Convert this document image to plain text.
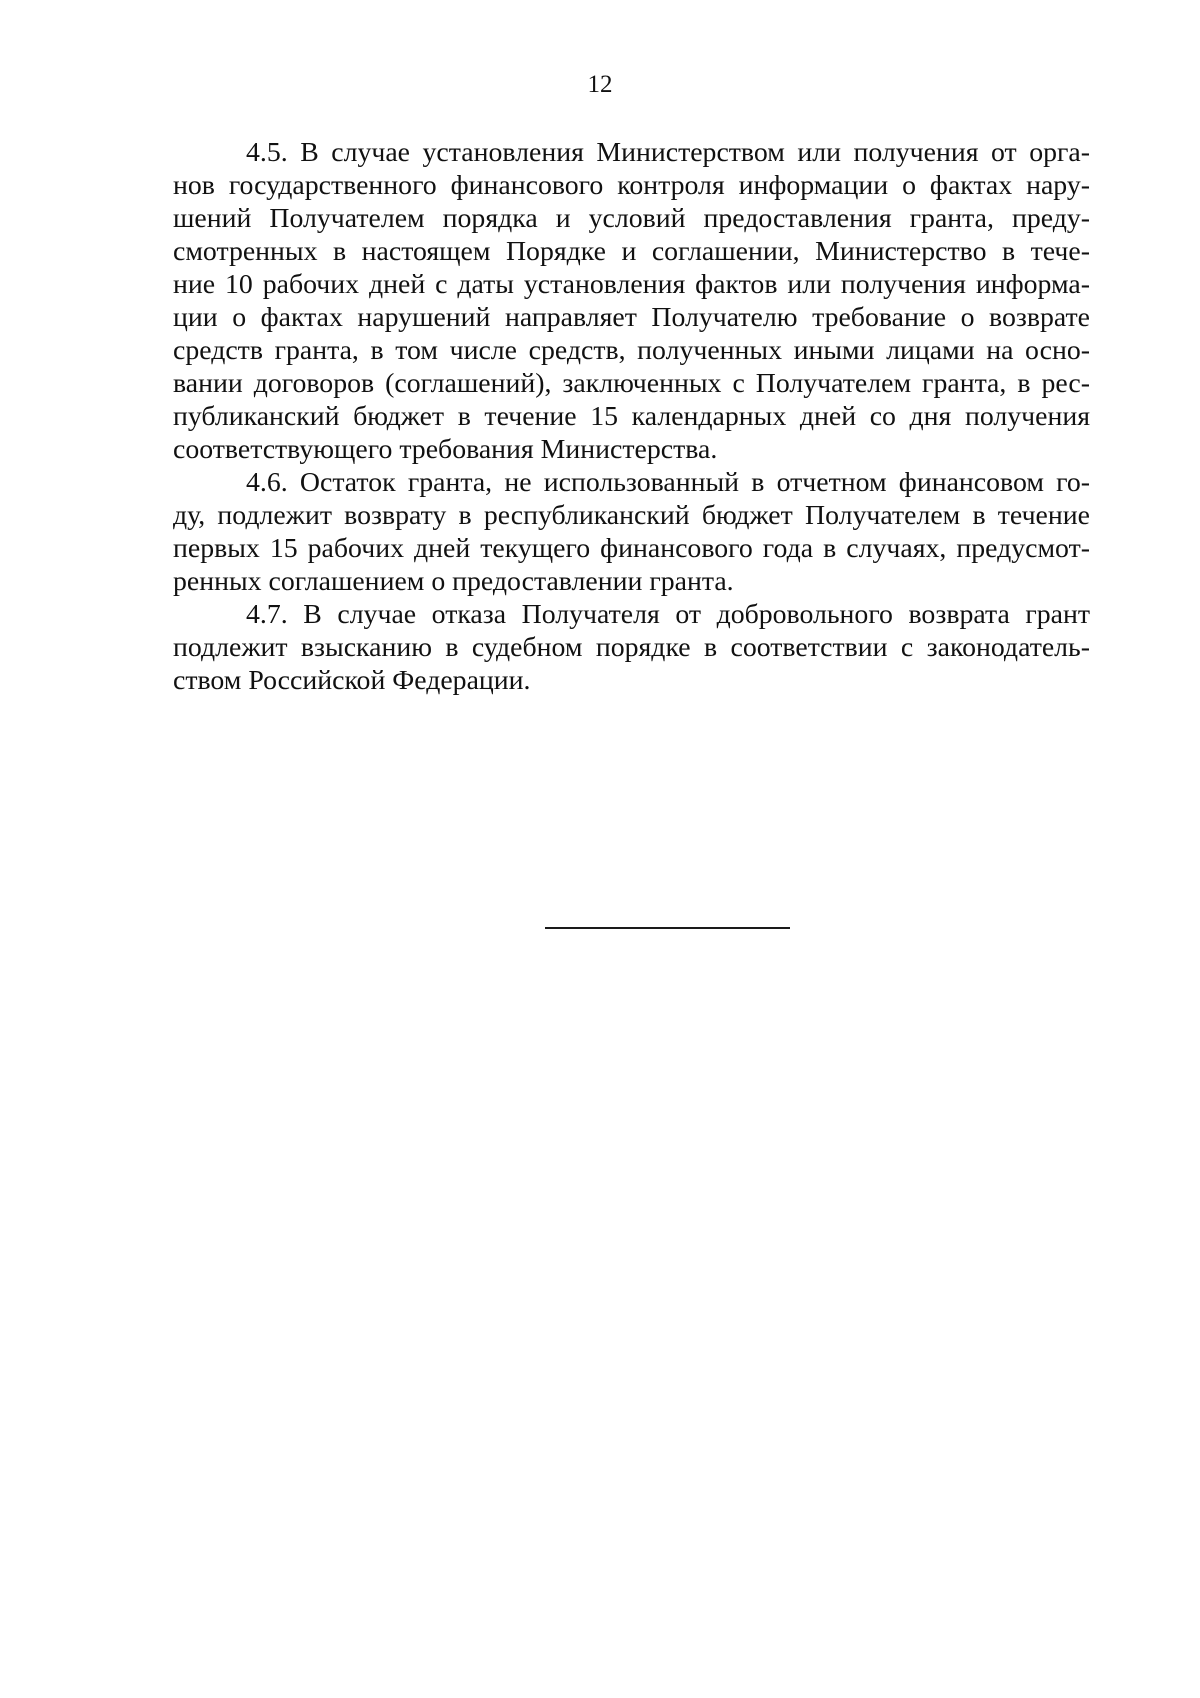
12
4.5. В случае установления Министерством или получения от орга-
нов государственного финансового контроля информации о фактах нару-
шений Получателем порядка и условий предоставления гранта, преду-
смотренных в настоящем Порядке и соглашении, Министерство в тече-
ние 10 рабочих дней с даты установления фактов или получения информа-
ции о фактах нарушений направляет Получателю требование о возврате
средств гранта, в том числе средств, полученных иными лицами на осно-
вании договоров (соглашений), заключенных с Получателем гранта, в рес-
публиканский бюджет в течение 15 календарных дней со дня получения
соответствующего требования Министерства.
4.6. Остаток гранта, не использованный в отчетном финансовом го-
ду, подлежит возврату в республиканский бюджет Получателем в течение
первых 15 рабочих дней текущего финансового года в случаях, предусмот-
ренных соглашением о предоставлении гранта.
4.7. В случае отказа Получателя от добровольного возврата грант
подлежит взысканию в судебном порядке в соответствии с законодатель-
ством Российской Федерации.
